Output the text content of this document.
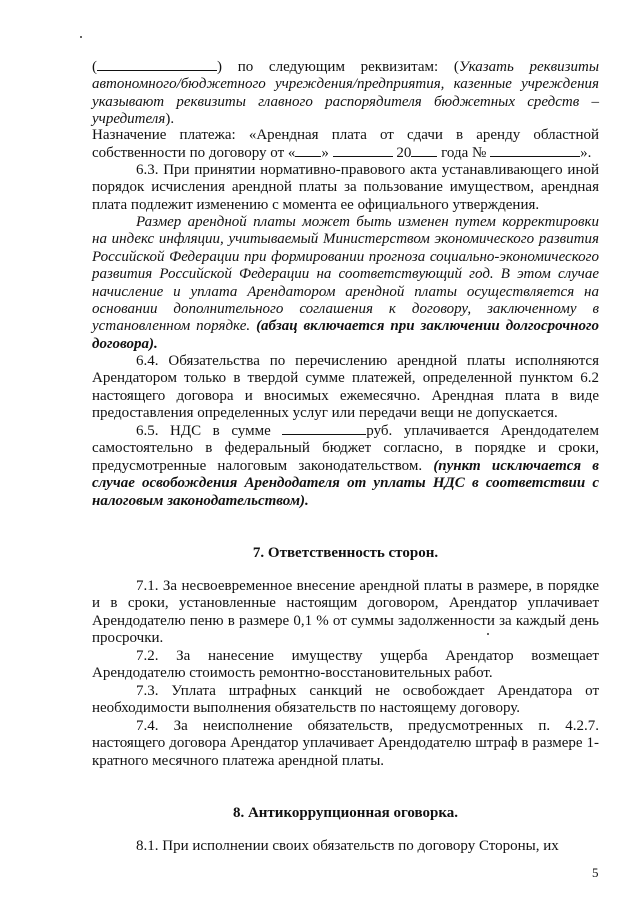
(	) по следующим реквизитам: (Указать реквизиты автономного/бюджетного учреждения/предприятия, казенные учреждения указывают реквизиты главного распорядителя бюджетных средств – учредителя).

Назначение платежа: «Арендная плата от сдачи в аренду областной собственности по договору от « »	20 года №	».

6.3. При принятии нормативно-правового акта устанавливающего иной порядок исчисления арендной платы за пользование имуществом, арендная плата подлежит изменению с момента ее официального утверждения.

Размер арендной платы может быть изменен путем корректировки на индекс инфляции, учитываемый Министерством экономического развития Российской Федерации при формировании прогноза социально-экономического развития Российской Федерации на соответствующий год. В этом случае начисление и уплата Арендатором арендной платы осуществляется на основании дополнительного соглашения к договору, заключенному в установленном порядке. (абзац включается при заключении долгосрочного договора).

6.4. Обязательства по перечислению арендной платы исполняются Арендатором только в твердой сумме платежей, определенной пунктом 6.2 настоящего договора и вносимых ежемесячно. Арендная плата в виде предоставления определенных услуг или передачи вещи не допускается.

6.5. НДС в сумме	руб. уплачивается Арендодателем самостоятельно в федеральный бюджет согласно, в порядке и сроки, предусмотренные налоговым законодательством. (пункт исключается в случае освобождения Арендодателя от уплаты НДС в соответствии с налоговым законодательством).

7. Ответственность сторон.

7.1. За несвоевременное внесение арендной платы в размере, в порядке и в сроки, установленные настоящим договором, Арендатор уплачивает Арендодателю пеню в размере 0,1 % от суммы задолженности за каждый день просрочки.

7.2. За нанесение имуществу ущерба Арендатор возмещает Арендодателю стоимость ремонтно-восстановительных работ.

7.3. Уплата штрафных санкций не освобождает Арендатора от необходимости выполнения обязательств по настоящему договору.

7.4. За неисполнение обязательств, предусмотренных п. 4.2.7. настоящего договора Арендатор уплачивает Арендодателю штраф в размере 1-кратного месячного платежа арендной платы.

8. Антикоррупционная оговорка.

8.1. При исполнении своих обязательств по договору Стороны, их

5
